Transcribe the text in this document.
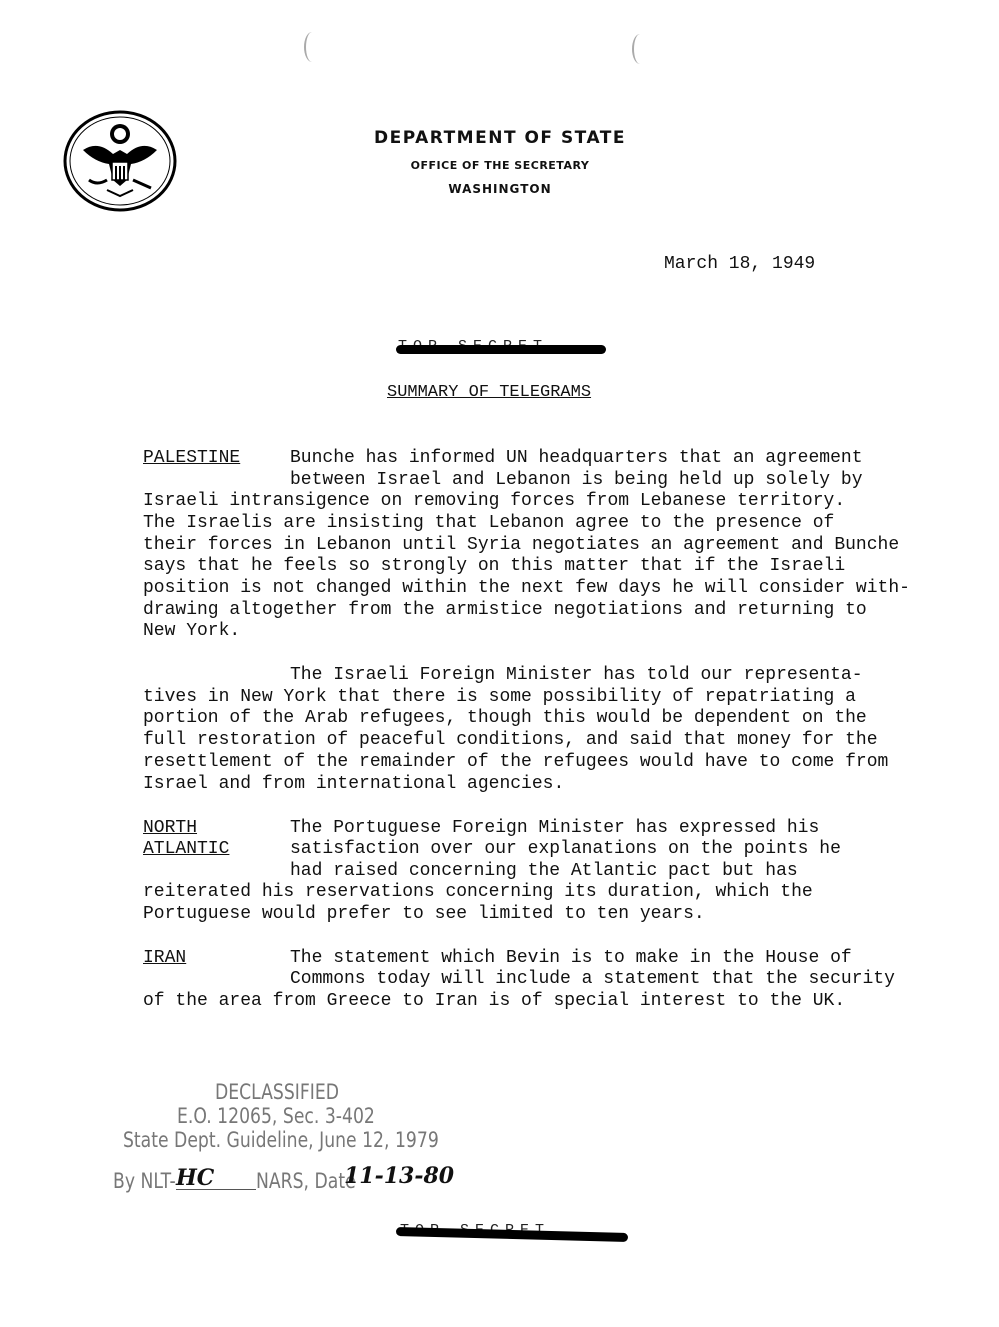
DEPARTMENT OF STATE
OFFICE OF THE SECRETARY
WASHINGTON
March 18, 1949
SUMMARY OF TELEGRAMS
PALESTINE	Bunche has informed UN headquarters that an agreement
between Israel and Lebanon is being held up solely by
Israeli intransigence on removing forces from Lebanese territory.
The Israelis are insisting that Lebanon agree to the presence of
their forces in Lebanon until Syria negotiates an agreement and Bunche
says that he feels so strongly on this matter that if the Israeli
position is not changed within the next few days he will consider with-
drawing altogether from the armistice negotiations and returning to
New York.
The Israeli Foreign Minister has told our representa-
tives in New York that there is some possibility of repatriating a
portion of the Arab refugees, though this would be dependent on the
full restoration of peaceful conditions, and said that money for the
resettlement of the remainder of the refugees would have to come from
Israel and from international agencies.
NORTH
ATLANTIC
The Portuguese Foreign Minister has expressed his
satisfaction over our explanations on the points he
had raised concerning the Atlantic pact but has
reiterated his reservations concerning its duration, which the
Portuguese would prefer to see limited to ten years.
IRAN	The statement which Bevin is to make in the House of
Commons today will include a statement that the security
of the area from Greece to Iran is of special interest to the UK.
DECLASSIFIED
E.O. 12065, Sec. 3-402
State Dept. Guideline, June 12, 1979
By NLT- HC NARS, Date
11-13-80
